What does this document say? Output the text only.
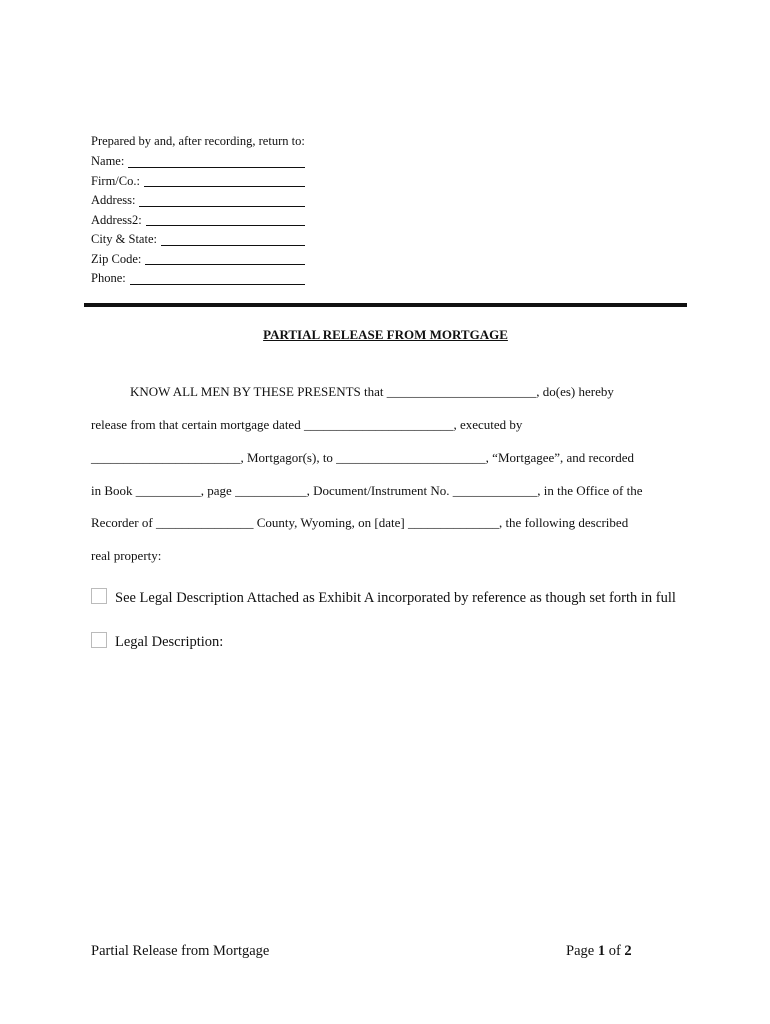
Prepared by and, after recording, return to:
Name:
Firm/Co.:
Address:
Address2:
City & State:
Zip Code:
Phone:
PARTIAL RELEASE FROM MORTGAGE
KNOW ALL MEN BY THESE PRESENTS that _______________________, do(es) hereby
release from that certain mortgage dated _______________________, executed by
_______________________, Mortgagor(s), to _______________________, “Mortgagee”, and recorded
in Book __________, page ___________, Document/Instrument No. _____________, in the Office of the
Recorder of _______________ County, Wyoming, on [date] ______________, the following described
real property:
See Legal Description Attached as Exhibit A incorporated by reference as though set forth in full
Legal Description:
Partial Release from Mortgage	Page 1 of 2
